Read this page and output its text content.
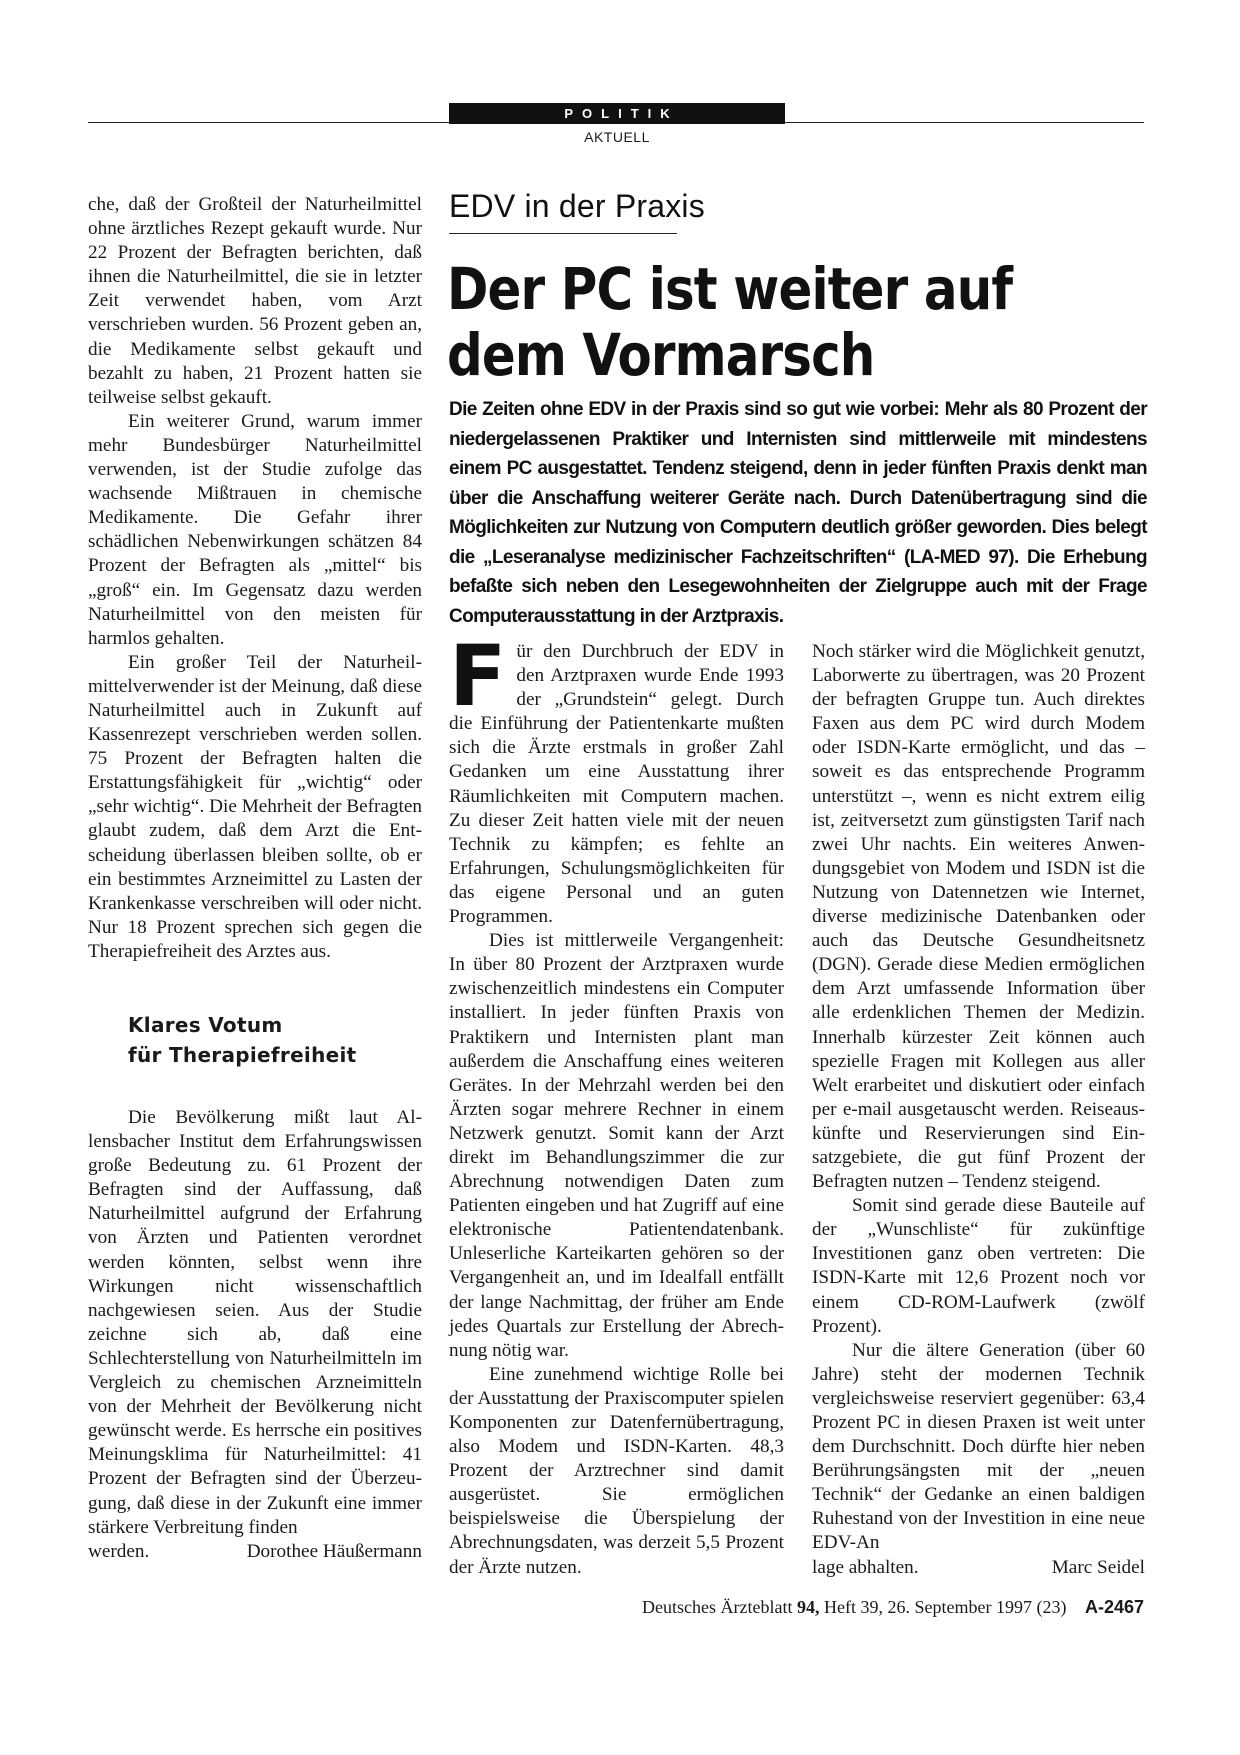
POLITIK
AKTUELL

che, daß der Großteil der Naturheilmittel ohne ärztliches Rezept gekauft wurde. Nur 22 Prozent der Befragten berichten, daß ihnen die Naturheilmittel, die sie in letzter Zeit verwendet haben, vom Arzt verschrieben wurden. 56 Prozent geben an, die Medikamente selbst gekauft und bezahlt zu haben, 21 Prozent hatten sie teilweise selbst gekauft.

Ein weiterer Grund, warum immer mehr Bundesbürger Naturheilmittel verwenden, ist der Studie zufolge das wachsende Mißtrauen in chemische Medikamente. Die Gefahr ihrer schädlichen Nebenwirkungen schätzen 84 Prozent der Befragten als „mittel“ bis „groß“ ein. Im Gegensatz dazu werden Naturheilmittel von den meisten für harmlos gehalten.

Ein großer Teil der Naturheilmittelverwender ist der Meinung, daß diese Naturheilmittel auch in Zukunft auf Kassenrezept verschrieben werden sollen. 75 Prozent der Befragten halten die Erstattungsfähigkeit für „wichtig“ oder „sehr wichtig“. Die Mehrheit der Befragten glaubt zudem, daß dem Arzt die Entscheidung überlassen bleiben sollte, ob er ein bestimmtes Arzneimittel zu Lasten der Krankenkasse verschreiben will oder nicht. Nur 18 Prozent sprechen sich gegen die Therapiefreiheit des Arztes aus.

Klares Votum
für Therapiefreiheit

Die Bevölkerung mißt laut Allensbacher Institut dem Erfahrungswissen große Bedeutung zu. 61 Prozent der Befragten sind der Auffassung, daß Naturheilmittel aufgrund der Erfahrung von Ärzten und Patienten verordnet werden könnten, selbst wenn ihre Wirkungen nicht wissenschaftlich nachgewiesen seien. Aus der Studie zeichne sich ab, daß eine Schlechterstellung von Naturheilmitteln im Vergleich zu chemischen Arzneimitteln von der Mehrheit der Bevölkerung nicht gewünscht werde. Es herrsche ein positives Meinungsklima für Naturheilmittel: 41 Prozent der Befragten sind der Überzeugung, daß diese in der Zukunft eine immer stärkere Verbreitung finden

werden.	Dorothee Häußermann
EDV in der Praxis
Der PC ist weiter auf dem Vormarsch

Die Zeiten ohne EDV in der Praxis sind so gut wie vorbei: Mehr als 80 Prozent der niedergelassenen Praktiker und Internisten sind mittlerweile mit mindestens einem PC ausgestattet. Tendenz steigend, denn in jeder fünften Praxis denkt man über die Anschaffung weiterer Geräte nach. Durch Datenübertragung sind die Möglichkeiten zur Nutzung von Computern deutlich größer geworden. Dies belegt die „Leseranalyse medizinischer Fachzeitschriften“ (LA-MED 97). Die Erhebung befaßte sich neben den Lesegewohnheiten der Zielgruppe auch mit der Frage Computerausstattung in der Arztpraxis.

Für den Durchbruch der EDV in den Arztpraxen wurde Ende 1993 der „Grundstein“ gelegt. Durch die Einführung der Patientenkarte mußten sich die Ärzte erstmals in großer Zahl Gedanken um eine Ausstattung ihrer Räumlichkeiten mit Computern machen. Zu dieser Zeit hatten viele mit der neuen Technik zu kämpfen; es fehlte an Erfahrungen, Schulungsmöglichkeiten für das eigene Personal und an guten Programmen.

Dies ist mittlerweile Vergangenheit: In über 80 Prozent der Arztpraxen wurde zwischenzeitlich mindestens ein Computer installiert. In jeder fünften Praxis von Praktikern und Internisten plant man außerdem die Anschaffung eines weiteren Gerätes. In der Mehrzahl werden bei den Ärzten sogar mehrere Rechner in einem Netzwerk genutzt. Somit kann der Arzt direkt im Behandlungszimmer die zur Abrechnung notwendigen Daten zum Patienten eingeben und hat Zugriff auf eine elektronische Patientendatenbank. Unleserliche Karteikarten gehören so der Vergangenheit an, und im Idealfall entfällt der lange Nachmittag, der früher am Ende jedes Quartals zur Erstellung der Abrechnung nötig war.

Eine zunehmend wichtige Rolle bei der Ausstattung der Praxiscomputer spielen Komponenten zur Datenfernübertragung, also Modem und ISDN-Karten. 48,3 Prozent der Arztrechner sind damit ausgerüstet. Sie ermöglichen beispielsweise die Überspielung der Abrechnungsdaten, was derzeit 5,5 Prozent der Ärzte nutzen.

Noch stärker wird die Möglichkeit genutzt, Laborwerte zu übertragen, was 20 Prozent der befragten Gruppe tun. Auch direktes Faxen aus dem PC wird durch Modem oder ISDN-Karte ermöglicht, und das – soweit es das entsprechende Programm unterstützt –, wenn es nicht extrem eilig ist, zeitversetzt zum günstigsten Tarif nach zwei Uhr nachts. Ein weiteres Anwendungsgebiet von Modem und ISDN ist die Nutzung von Datennetzen wie Internet, diverse medizinische Datenbanken oder auch das Deutsche Gesundheitsnetz (DGN). Gerade diese Medien ermöglichen dem Arzt umfassende Information über alle erdenklichen Themen der Medizin. Innerhalb kürzester Zeit können auch spezielle Fragen mit Kollegen aus aller Welt erarbeitet und diskutiert oder einfach per e-mail ausgetauscht werden. Reiseauskünfte und Reservierungen sind Einsatzgebiete, die gut fünf Prozent der Befragten nutzen – Tendenz steigend.

Somit sind gerade diese Bauteile auf der „Wunschliste“ für zukünftige Investitionen ganz oben vertreten: Die ISDN-Karte mit 12,6 Prozent noch vor einem CD-ROM-Laufwerk (zwölf Prozent).

Nur die ältere Generation (über 60 Jahre) steht der modernen Technik vergleichsweise reserviert gegenüber: 63,4 Prozent PC in diesen Praxen ist weit unter dem Durchschnitt. Doch dürfte hier neben Berührungsängsten mit der „neuen Technik“ der Gedanke an einen baldigen Ruhestand von der Investition in eine neue EDV-An

lage abhalten.	Marc Seidel
Deutsches Ärzteblatt 94, Heft 39, 26. September 1997 (23) A-2467
